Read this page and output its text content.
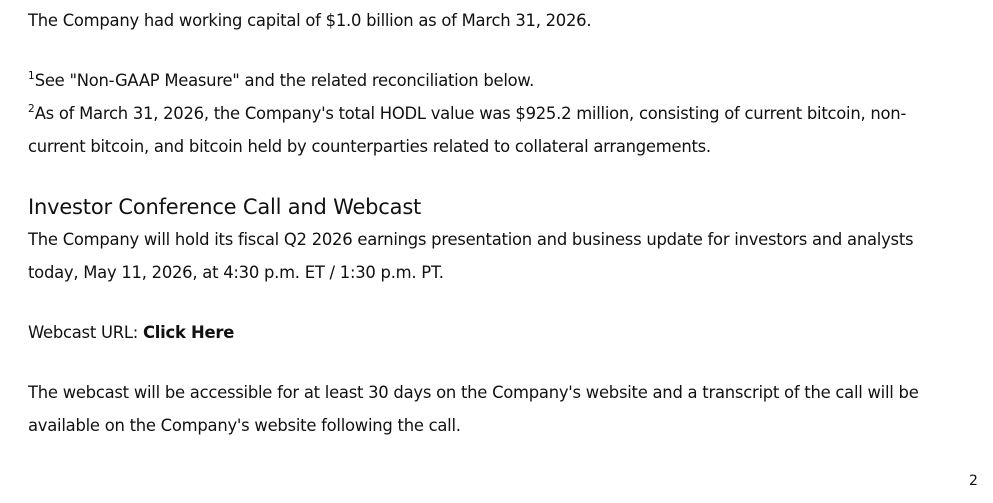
The Company had working capital of $1.0 billion as of March 31, 2026.
$^1$See "Non-GAAP Measure" and the related reconciliation below.
$^2$As of March 31, 2026, the Company's total HODL value was $925.2 million, consisting of current bitcoin, non-
current bitcoin, and bitcoin held by counterparties related to collateral arrangements.
Investor Conference Call and Webcast
The Company will hold its fiscal Q2 2026 earnings presentation and business update for investors and analysts
today, May 11, 2026, at 4:30 p.m. ET / 1:30 p.m. PT.
Webcast URL: Click Here
The webcast will be accessible for at least 30 days on the Company's website and a transcript of the call will be
available on the Company's website following the call.
2
